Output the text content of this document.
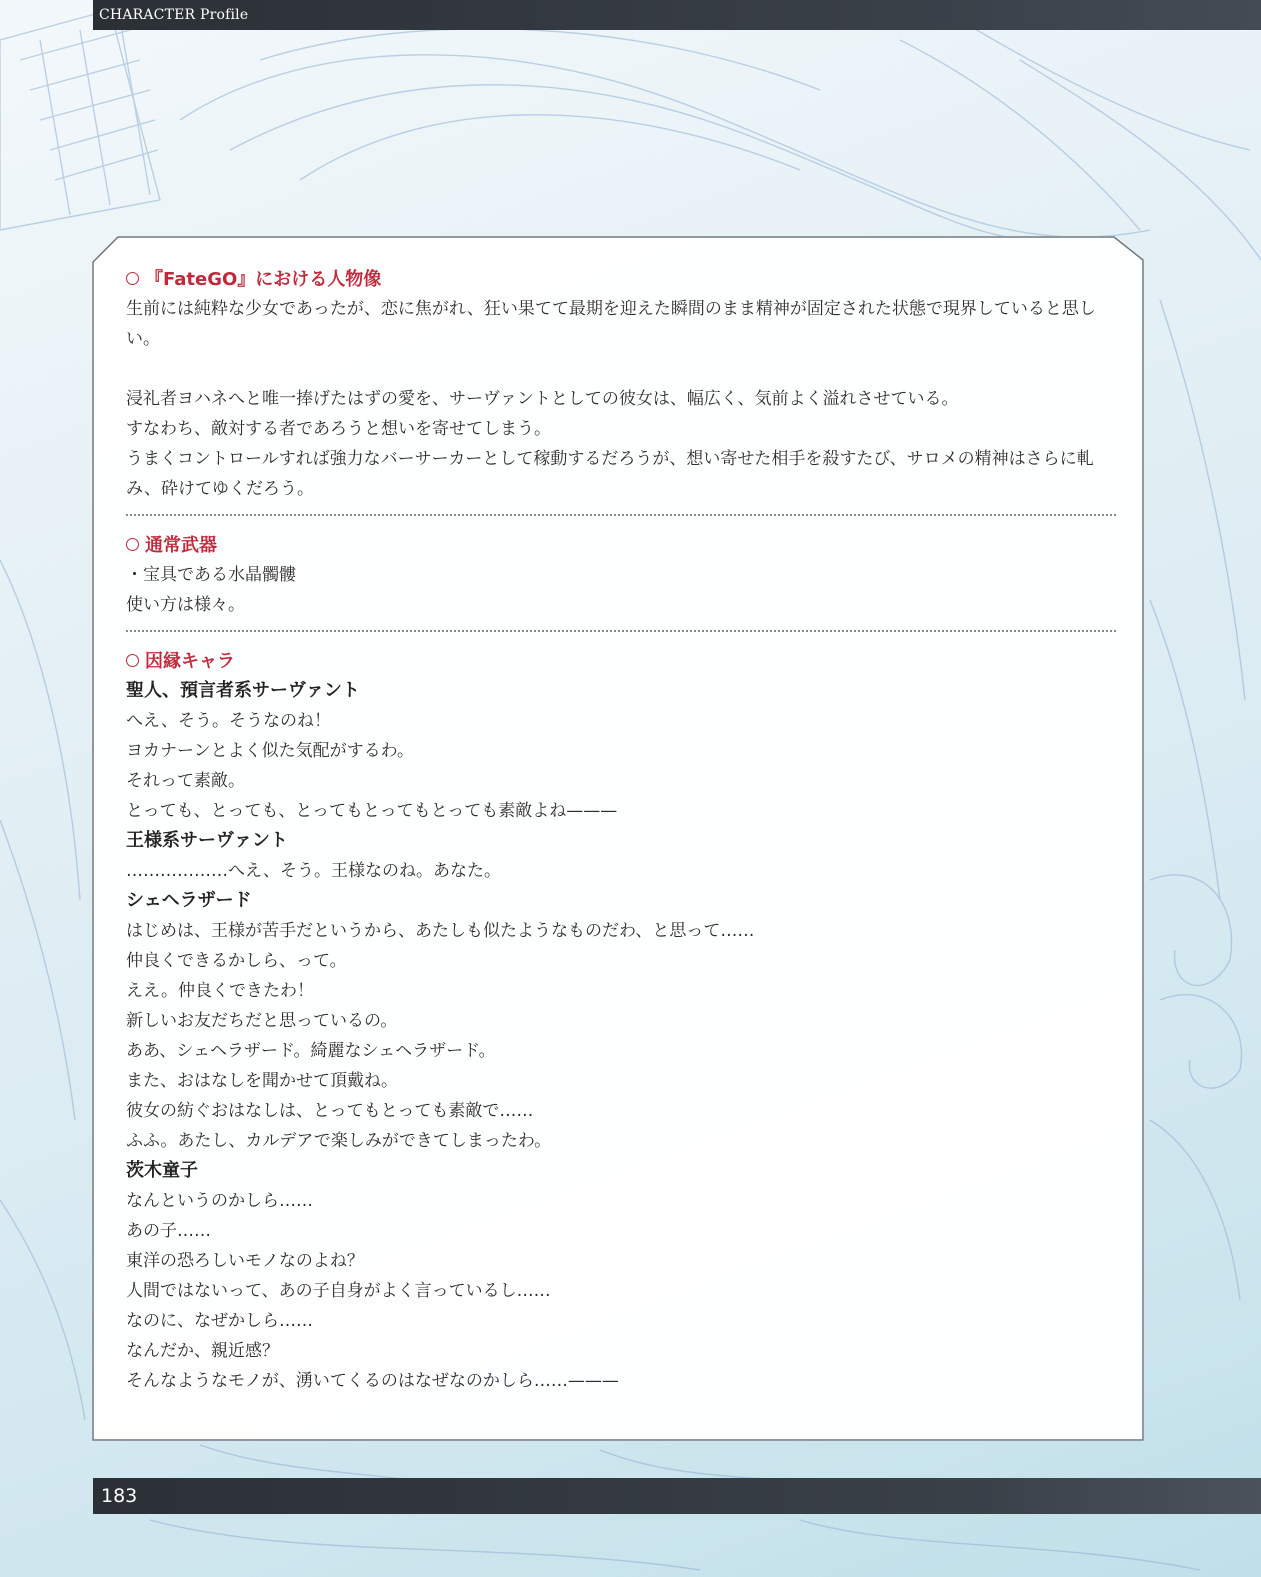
CHARACTER Profile
『FateGO』における人物像

生前には純粋な少女であったが、恋に焦がれ、狂い果てて最期を迎えた瞬間のまま精神が固定された状態で現界していると思しい。

浸礼者ヨハネへと唯一捧げたはずの愛を、サーヴァントとしての彼女は、幅広く、気前よく溢れさせている。

すなわち、敵対する者であろうと想いを寄せてしまう。

うまくコントロールすれば強力なバーサーカーとして稼動するだろうが、想い寄せた相手を殺すたび、サロメの精神はさらに軋み、砕けてゆくだろう。

通常武器
・宝具である水晶髑髏
使い方は様々。
因縁キャラ
聖人、預言者系サーヴァント
へえ、そう。そうなのね！
ヨカナーンとよく似た気配がするわ。
それって素敵。
とっても、とっても、とってもとってもとっても素敵よね———
王様系サーヴァント
………………へえ、そう。王様なのね。あなた。
シェヘラザード
はじめは、王様が苦手だというから、あたしも似たようなものだわ、と思って……
仲良くできるかしら、って。
ええ。仲良くできたわ！
新しいお友だちだと思っているの。
ああ、シェヘラザード。綺麗なシェヘラザード。
また、おはなしを聞かせて頂戴ね。
彼女の紡ぐおはなしは、とってもとっても素敵で……
ふふ。あたし、カルデアで楽しみができてしまったわ。
茨木童子
なんというのかしら……
あの子……
東洋の恐ろしいモノなのよね？
人間ではないって、あの子自身がよく言っているし……
なのに、なぜかしら……
なんだか、親近感？
そんなようなモノが、湧いてくるのはなぜなのかしら……———
183
